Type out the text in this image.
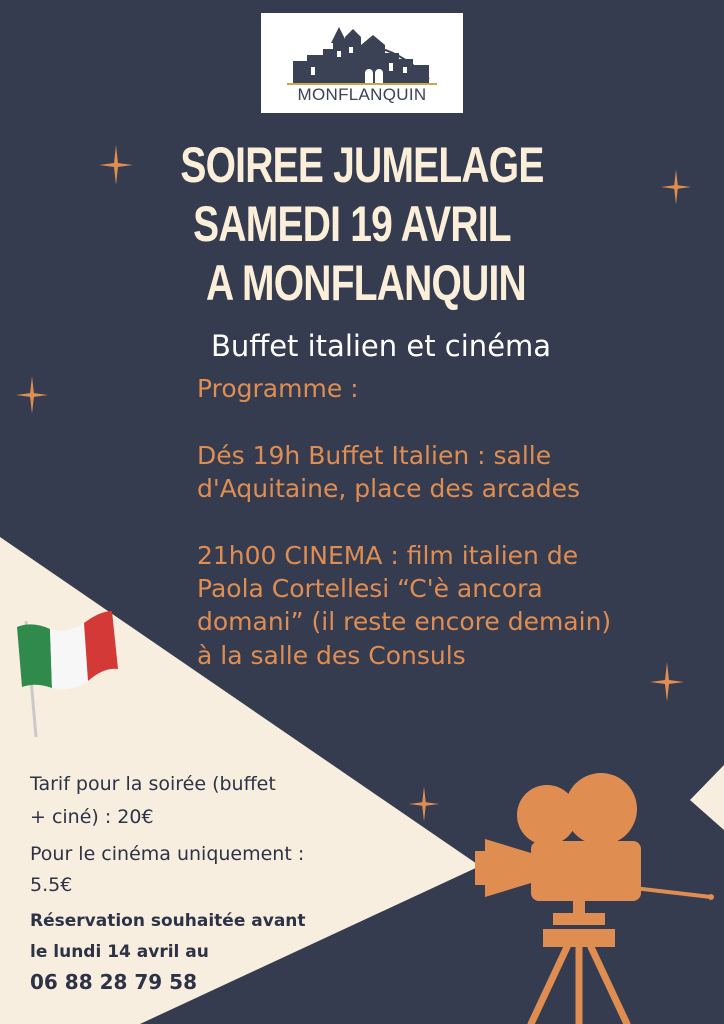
MONFLANQUIN
SOIREE JUMELAGE
SAMEDI 19 AVRIL
A MONFLANQUIN
Buffet italien et cinéma
Programme :
Dés 19h Buffet Italien : salle
d'Aquitaine, place des arcades
21h00 CINEMA : film italien de
Paola Cortellesi “C'è ancora
domani” (il reste encore demain)
à la salle des Consuls
Tarif pour la soirée (buffet
+ ciné) : 20€
Pour le cinéma uniquement :
5.5€
Réservation souhaitée avant
le lundi 14 avril au
06 88 28 79 58
